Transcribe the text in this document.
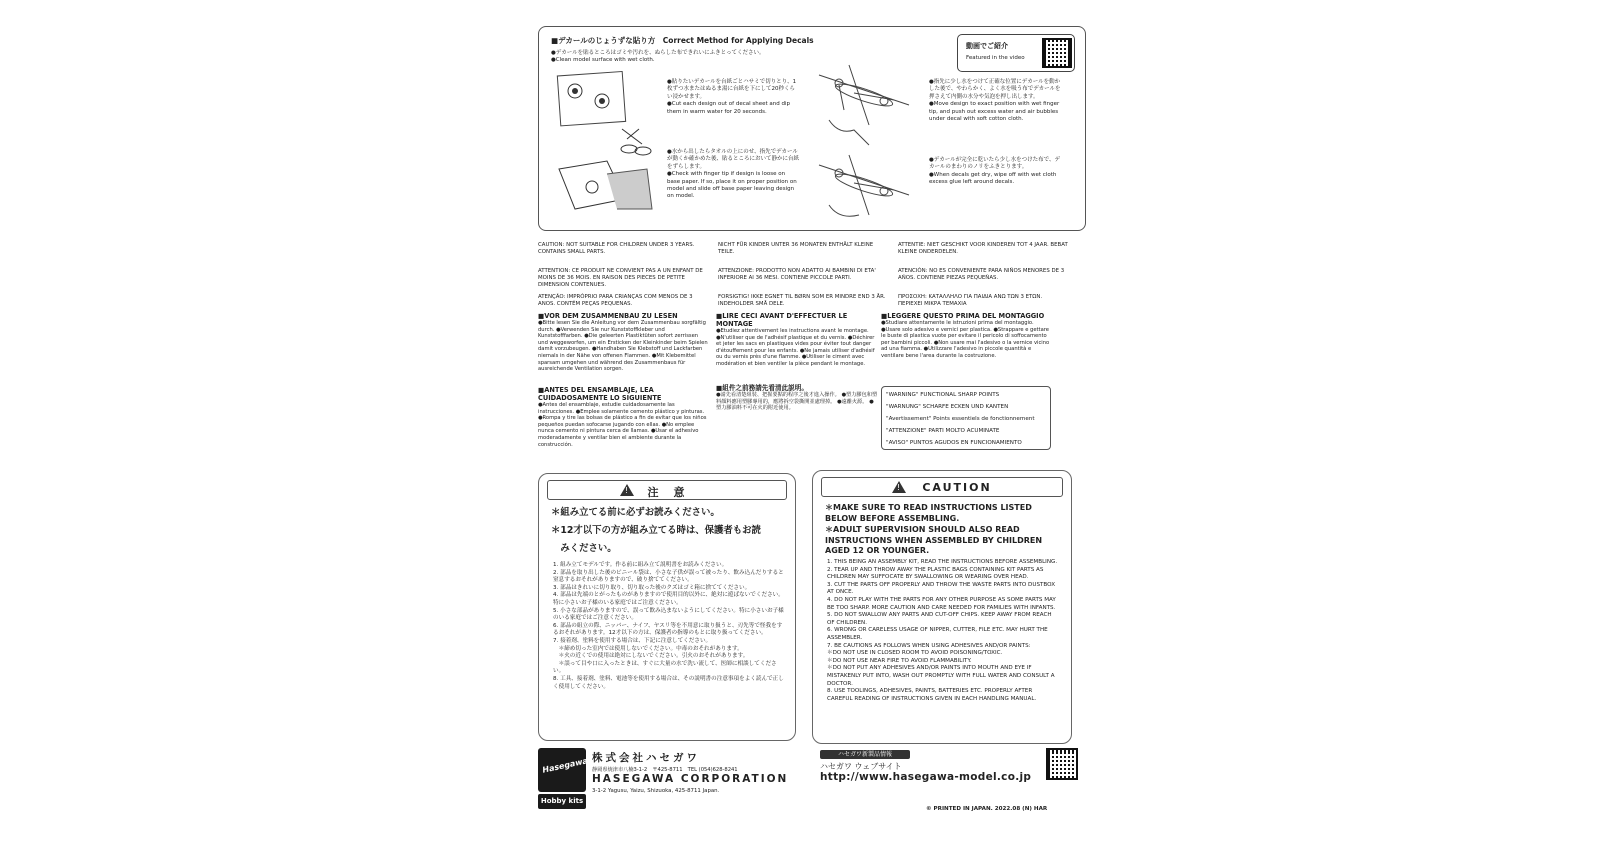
■デカールのじょうずな貼り方　Correct Method for Applying Decals
●デカールを貼るところはゴミや汚れを、ぬらした布できれいにふきとってください。
●Clean model surface with wet cloth.
●貼りたいデカールを台紙ごとハサミで切りとり、1枚ずつ水またはぬるま湯に台紙を下にして20秒くらい浸かせます。
●Cut each design out of decal sheet and dip them in warm water for 20 seconds.
●水から出したらタオルの上にのせ、指先でデカールが動くか確かめた後、貼るところにおいて静かに台紙をずらします。
●Check with finger tip if design is loose on base paper. If so, place it on proper position on model and slide off base paper leaving design on model.
●指先に少し水をつけて正確な位置にデカールを動かした後で、やわらかく、よく水を吸う布でデカールを押さえて内側の水分や気泡を押し出します。
●Move design to exact position with wet finger tip, and push out excess water and air bubbles under decal with soft cotton cloth.
●デカールが完全に乾いたら少し水をつけた布で、デカールのまわりのノリをふきとります。
●When decals get dry, wipe off with wet cloth excess glue left around decals.
動画でご紹介
Featured in the video
CAUTION: NOT SUITABLE FOR CHILDREN UNDER 3 YEARS. CONTAINS SMALL PARTS.
NICHT FÜR KINDER UNTER 36 MONATEN ENTHÄLT KLEINE TEILE.
ATTENTIE: NIET GESCHIKT VOOR KINDEREN TOT 4 JAAR. BEBAT KLEINE ONDERDELEN.
ATTENTION: CE PRODUIT NE CONVIENT PAS A UN ENFANT DE MOINS DE 36 MOIS. EN RAISON DES PIECES DE PETITE DIMENSION CONTENUES.
ATTENZIONE: PRODOTTO NON ADATTO AI BAMBINI DI ETA' INFERIORE AI 36 MESI. CONTIENE PICCOLE PARTI.
ATENCIÓN: NO ES CONVENIENTE PARA NIÑOS MENORES DE 3 AÑOS. CONTIENE PIEZAS PEQUEÑAS.
ATENÇÃO: IMPRÓPRIO PARA CRIANÇAS COM MENOS DE 3 ANOS. CONTÉM PEÇAS PEQUENAS.
FORSIGTIG! IKKE EGNET TIL BØRN SOM ER MINDRE END 3 ÅR. INDEHOLDER SMÅ DELE.
ΠΡΟΣΟΧΗ: ΚΑΤΑΛΛΗΛΟ ΓΙΑ ΠΑΙΔΙΑ ΑΝΩ ΤΩΝ 3 ΕΤΩΝ. ΠΕΡΙΕΧΕΙ ΜΙΚΡΑ ΤΕΜΑΧΙΑ
■VOR DEM ZUSAMMENBAU ZU LESEN
●Bitte lesen Sie die Anleitung vor dem Zusammenbau sorgfältig durch. ●Verwenden Sie nur Kunststoffkleber und Kunststofffarben. ●Die geleerten Plastiktüten sofort zerrissen und weggeworfen, um ein Ersticken der Kleinkinder beim Spielen damit vorzubeugen. ●Handhaben Sie Klebstoff und Lackfarben niemals in der Nähe von offenen Flammen. ●Mit Klebemittel sparsam umgehen und während des Zusammenbaus für ausreichende Ventilation sorgen.
■LIRE CECI AVANT D'EFFECTUER LE MONTAGE
●Etudiez attentivement les instructions avant le montage. ●N'utiliser que de l'adhésif plastique et du vernis. ●Déchirer et jeter les sacs en plastiques vides pour éviter tout danger d'étouffement pour les enfants. ●Ne jamais utiliser d'adhésif ou du vernis près d'une flamme. ●Utiliser le ciment avec modération et bien ventiler la pièce pendant le montage.
■LEGGERE QUESTO PRIMA DEL MONTAGGIO
●Studiare attentamente le istruzioni prima del montaggio. ●Usare solo adesivo e vernici per plastica. ●Strappare e gettare le buste di plastica vuote per evitare il pericolo di soffocamento per bambini piccoli. ●Non usare mai l'adesivo o la vernice vicino ad una fiamma. ●Utilizzare l'adesivo in piccole quantità e ventilare bene l'area durante la costruzione.
■ANTES DEL ENSAMBLAJE, LEA CUIDADOSAMENTE LO SIGUIENTE
●Antes del ensamblaje, estudie cuidadosamente las instrucciones. ●Emplee solamente cemento plástico y pinturas. ●Rompa y tire las bolsas de plástico a fin de evitar que los niños pequeños puedan sofocarse jugando con ellas. ●No emplee nunca cemento ni pintura cerca de llamas. ●Usar el adhesivo moderadamente y ventilar bien el ambiente durante la construcción.
■組件之前務請先看清此説明。
●請先看清楚組裝、把握要點的程序之後才進入操作。 ●塑力膠包和塑料顏料應用塑膠專用的，應將拆空袋撕開並處理掉。 ●遠離火源。 ●塑力膠油料不可在火的附近使用。
"WARNING" FUNCTIONAL SHARP POINTS
"WARNUNG" SCHARFE ECKEN UND KANTEN
"Avertissement" Points essentiels de fonctionnement
"ATTENZIONE" PARTI MOLTO ACUMINATE
"AVISO" PUNTOS AGUDOS EN FUNCIONAMIENTO
!
注　意
＊組み立てる前に必ずお読みください。
＊12才以下の方が組み立てる時は、保護者もお読
　みください。
1. 組み立てモデルです。作る前に組み立て説明書をお読みください。
2. 部品を取り出した後のビニール袋は、小さな子供が誤って被ったり、飲み込んだりすると窒息するおそれがありますので、破り捨ててください。
3. 部品はきれいに切り取り、切り取った後のクズはゴミ箱に捨ててください。
4. 部品は先端のとがったものがありますので使用目的以外に、絶対に遊ばないでください。特に小さいお子様のいる家庭ではご注意ください。
5. 小さな部品がありますので、誤って飲み込まないようにしてください。特に小さいお子様のいる家庭ではご注意ください。
6. 部品の組立の際、ニッパー、ナイフ、ヤスリ等を不用意に取り扱うと、刃先等で怪我をするおそれがあります。12才以下の方は、保護者の指導のもとに取り扱ってください。
7. 接着剤、塗料を使用する場合は、下記に注意してください。
　＊締め切った室内では使用しないでください。中毒のおそれがあります。
　＊火の近くでの使用は絶対にしないでください。引火のおそれがあります。
　＊誤って目や口に入ったときは、すぐに大量の水で洗い流して、医師に相談してください。
8. 工具、接着剤、塗料、電池等を使用する場合は、その説明書の注意事項をよく読んで正しく使用してください。
!
CAUTION
＊MAKE SURE TO READ INSTRUCTIONS LISTED BELOW BEFORE ASSEMBLING.
＊ADULT SUPERVISION SHOULD ALSO READ INSTRUCTIONS WHEN ASSEMBLED BY CHILDREN AGED 12 OR YOUNGER.
1. THIS BEING AN ASSEMBLY KIT, READ THE INSTRUCTIONS BEFORE ASSEMBLING.
2. TEAR UP AND THROW AWAY THE PLASTIC BAGS CONTAINING KIT PARTS AS CHILDREN MAY SUFFOCATE BY SWALLOWING OR WEARING OVER HEAD.
3. CUT THE PARTS OFF PROPERLY AND THROW THE WASTE PARTS INTO DUSTBOX AT ONCE.
4. DO NOT PLAY WITH THE PARTS FOR ANY OTHER PURPOSE AS SOME PARTS MAY BE TOO SHARP. MORE CAUTION AND CARE NEEDED FOR FAMILIES WITH INFANTS.
5. DO NOT SWALLOW ANY PARTS AND CUT-OFF CHIPS. KEEP AWAY FROM REACH OF CHILDREN.
6. WRONG OR CARELESS USAGE OF NIPPER, CUTTER, FILE ETC. MAY HURT THE ASSEMBLER.
7. BE CAUTIONS AS FOLLOWS WHEN USING ADHESIVES AND/OR PAINTS:
＊DO NOT USE IN CLOSED ROOM TO AVOID POISONING/TOXIC.
＊DO NOT USE NEAR FIRE TO AVOID FLAMMABILITY.
＊DO NOT PUT ANY ADHESIVES AND/OR PAINTS INTO MOUTH AND EYE IF MISTAKENLY PUT INTO, WASH OUT PROMPTLY WITH FULL WATER AND CONSULT A DOCTOR.
8. USE TOOLINGS, ADHESIVES, PAINTS, BATTERIES ETC. PROPERLY AFTER CAREFUL READING OF INSTRUCTIONS GIVEN IN EACH HANDLING MANUAL.
Hasegawa
Hobby kits
株式会社ハセガワ
静岡県焼津市八楠3-1-2　〒425-8711　TEL (054)628-8241
HASEGAWA CORPORATION
3-1-2 Yagusu, Yaizu, Shizuoka, 425-8711 Japan.
ハセガワ新製品情報
ハセガワ ウェブサイト
http://www.hasegawa-model.co.jp
© PRINTED IN JAPAN. 2022.08 (N) HAR
